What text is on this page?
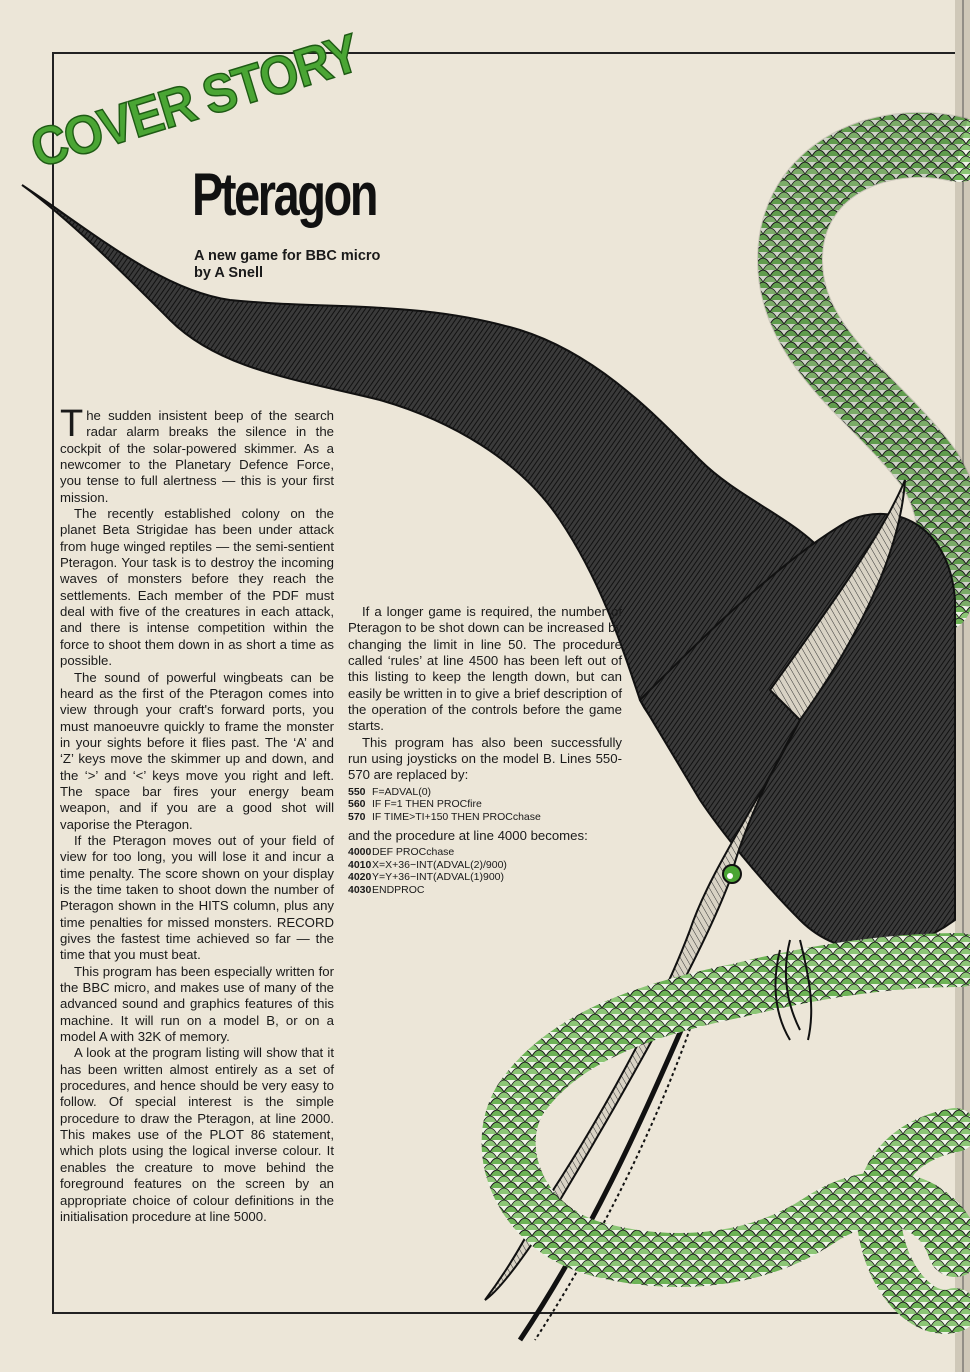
COVER STORY
Pteragon

A new game for BBC micro by A Snell

The sudden insistent beep of the search radar alarm breaks the silence in the cockpit of the solar-powered skimmer. As a newcomer to the Planetary Defence Force, you tense to full alertness — this is your first mission.

The recently established colony on the planet Beta Strigidae has been under attack from huge winged reptiles — the semi-sentient Pteragon. Your task is to destroy the incoming waves of monsters before they reach the settlements. Each member of the PDF must deal with five of the creatures in each attack, and there is intense competition within the force to shoot them down in as short a time as possible.

The sound of powerful wingbeats can be heard as the first of the Pteragon comes into view through your craft's forward ports, you must manoeuvre quickly to frame the monster in your sights before it flies past. The ‘A’ and ‘Z’ keys move the skimmer up and down, and the ‘>’ and ‘<’ keys move you right and left. The space bar fires your energy beam weapon, and if you are a good shot will vaporise the Pteragon.

If the Pteragon moves out of your field of view for too long, you will lose it and incur a time penalty. The score shown on your display is the time taken to shoot down the number of Pteragon shown in the HITS column, plus any time penalties for missed monsters. RECORD gives the fastest time achieved so far — the time that you must beat.

This program has been especially written for the BBC micro, and makes use of many of the advanced sound and graphics features of this machine. It will run on a model B, or on a model A with 32K of memory.

A look at the program listing will show that it has been written almost entirely as a set of procedures, and hence should be very easy to follow. Of special interest is the simple procedure to draw the Pteragon, at line 2000. This makes use of the PLOT 86 statement, which plots using the logical inverse colour. It enables the creature to move behind the foreground features on the screen by an appropriate choice of colour definitions in the initialisation procedure at line 5000.

If a longer game is required, the number of Pteragon to be shot down can be increased by changing the limit in line 50. The procedure called ‘rules’ at line 4500 has been left out of this listing to keep the length down, but can easily be written in to give a brief description of the operation of the controls before the game starts.

This program has also been successfully run using joysticks on the model B. Lines 550-570 are replaced by:

550 F=ADVAL(0)
560 IF F=1 THEN PROCfire
570 IF TIME>TI+150 THEN PROCchase

and the procedure at line 4000 becomes:

4000DEF PROCchase
4010X=X+36−INT(ADVAL(2)/900)
4020Y=Y+36−INT(ADVAL(1)900)
4030ENDPROC
